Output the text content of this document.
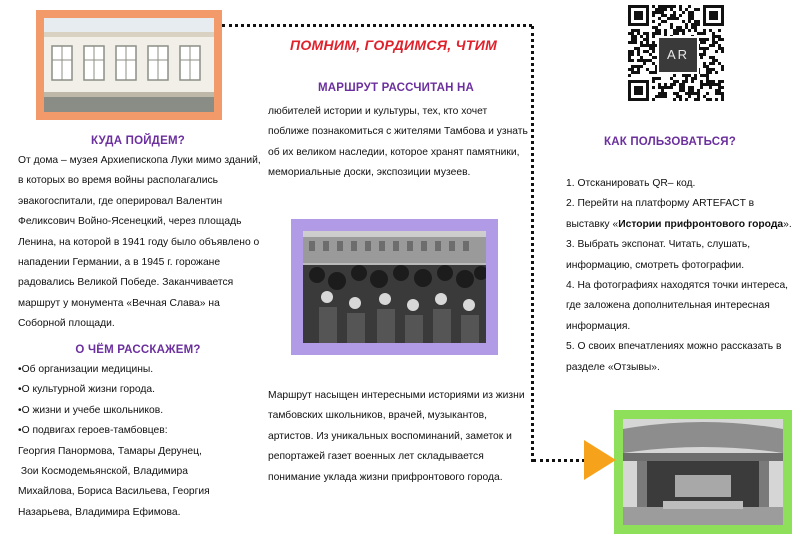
КУДА ПОЙДЕМ?
От дома – музея Архиепископа Луки мимо зданий, в которых во время войны располагались эвакогоспитали, где оперировал Валентин Феликсович Войно-Ясенецкий, через площадь Ленина, на которой в 1941 году было объявлено о нападении Германии, а в 1945 г. горожане радовались Великой Победе. Заканчивается маршрут у монумента «Вечная Слава» на Соборной площади.
О ЧЁМ РАССКАЖЕМ?
•Об организации медицины.
•О культурной жизни города.
•О жизни и учебе школьников.
•О подвигах героев-тамбовцев:
Георгия Панормова, Тамары Дерунец,
Зои Космодемьянской, Владимира
Михайлова, Бориса Васильева, Георгия
Назарьева, Владимира Ефимова.
ПОМНИМ, ГОРДИМСЯ, ЧТИМ
МАРШРУТ РАССЧИТАН НА
любителей истории и культуры, тех, кто хочет поближе познакомиться с жителями Тамбова и узнать об их великом наследии, которое хранят памятники, мемориальные доски, экспозиции музеев.
Маршрут насыщен интересными историями из жизни тамбовских школьников, врачей, музыкантов, артистов. Из уникальных воспоминаний, заметок и репортажей газет военных лет складывается понимание уклада жизни прифронтового города.
AR
КАК ПОЛЬЗОВАТЬСЯ?
1. Отсканировать QR– код.
2. Перейти на платформу ARTEFACT в выставку «Истории прифронтового города».
3. Выбрать экспонат. Читать, слушать, информацию, смотреть фотографии.
4. На фотографиях находятся точки интереса, где заложена дополнительная интересная информация.
5. О своих впечатлениях можно рассказать в разделе «Отзывы».
